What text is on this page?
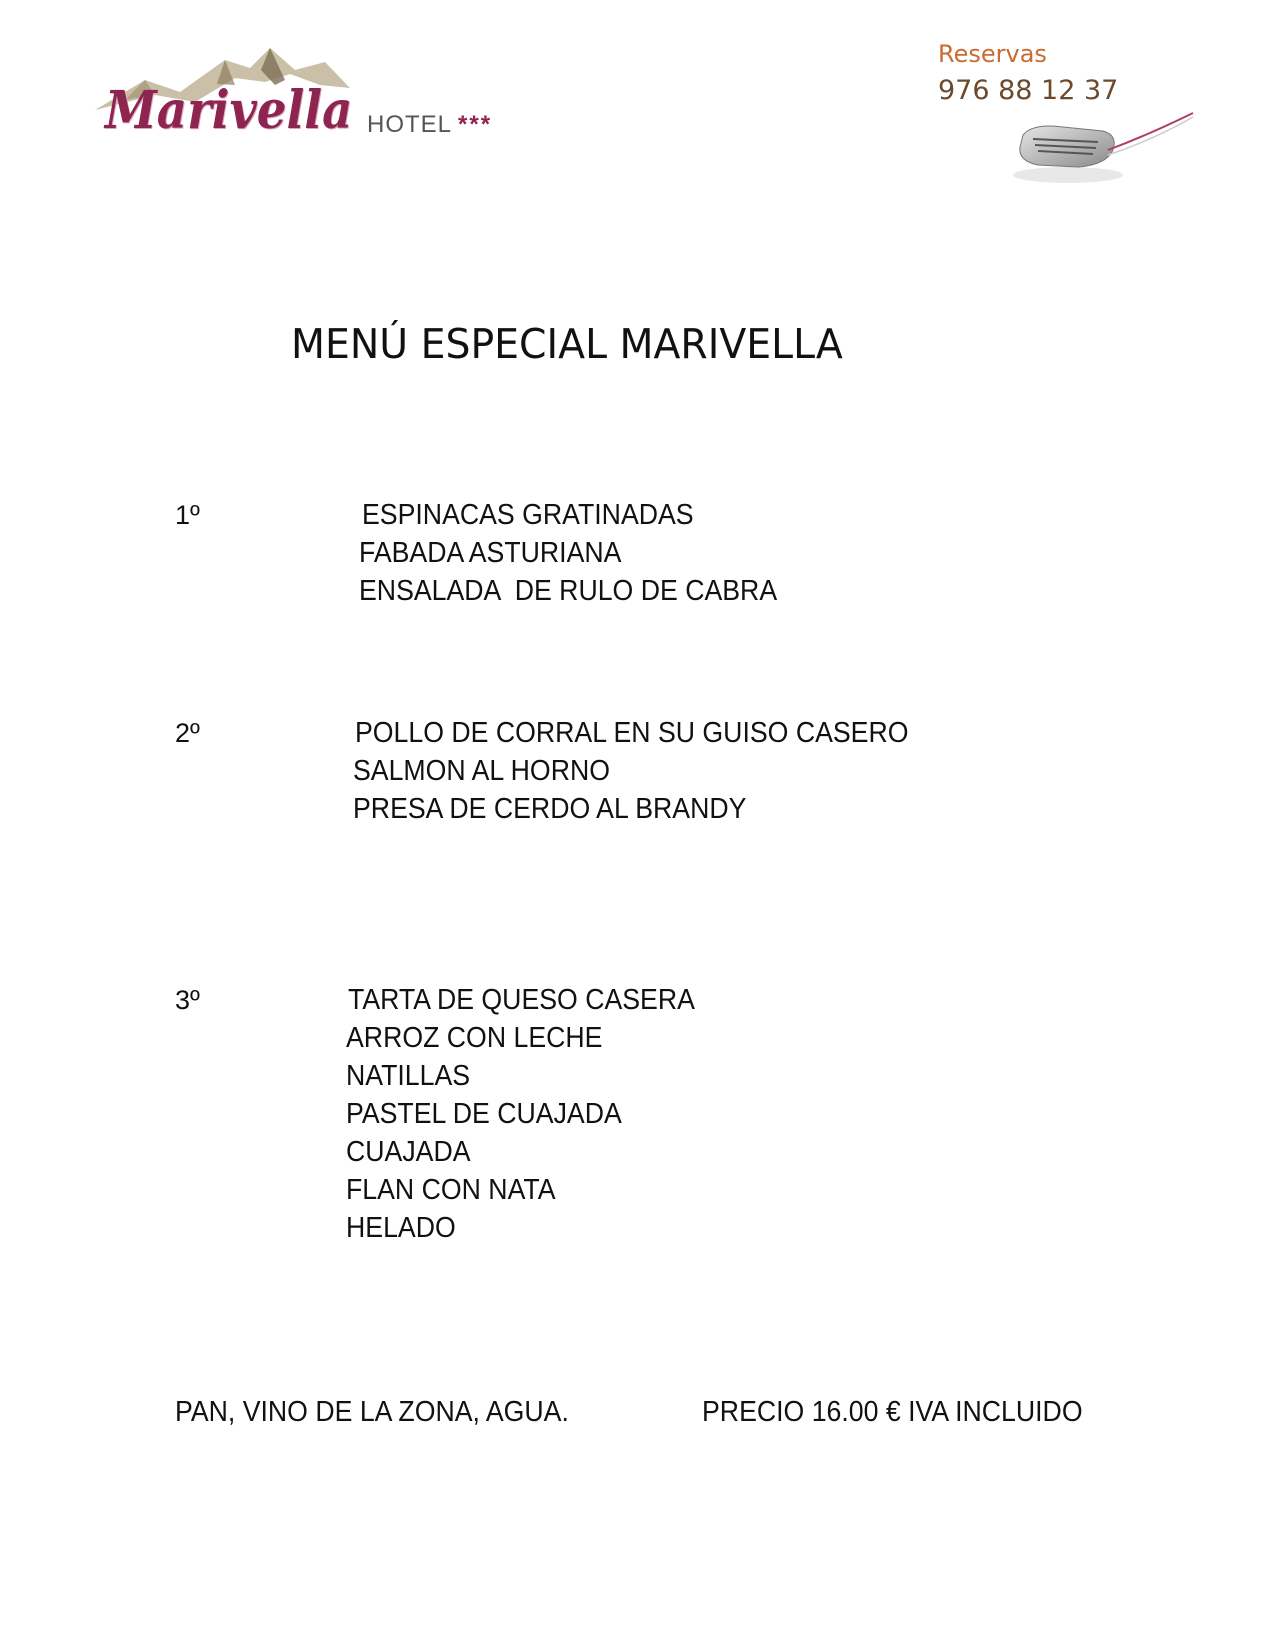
Marivella HOTEL ***
Reservas
976 88 12 37
MENÚ ESPECIAL MARIVELLA
1º	ESPINACAS GRATINADAS
FABADA ASTURIANA
ENSALADA  DE RULO DE CABRA
2º	POLLO DE CORRAL EN SU GUISO CASERO
SALMON AL HORNO
PRESA DE CERDO AL BRANDY
3º	TARTA DE QUESO CASERA
ARROZ CON LECHE
NATILLAS
PASTEL DE CUAJADA
CUAJADA
FLAN CON NATA
HELADO
PAN, VINO DE LA ZONA, AGUA.	PRECIO 16.00 € IVA INCLUIDO
